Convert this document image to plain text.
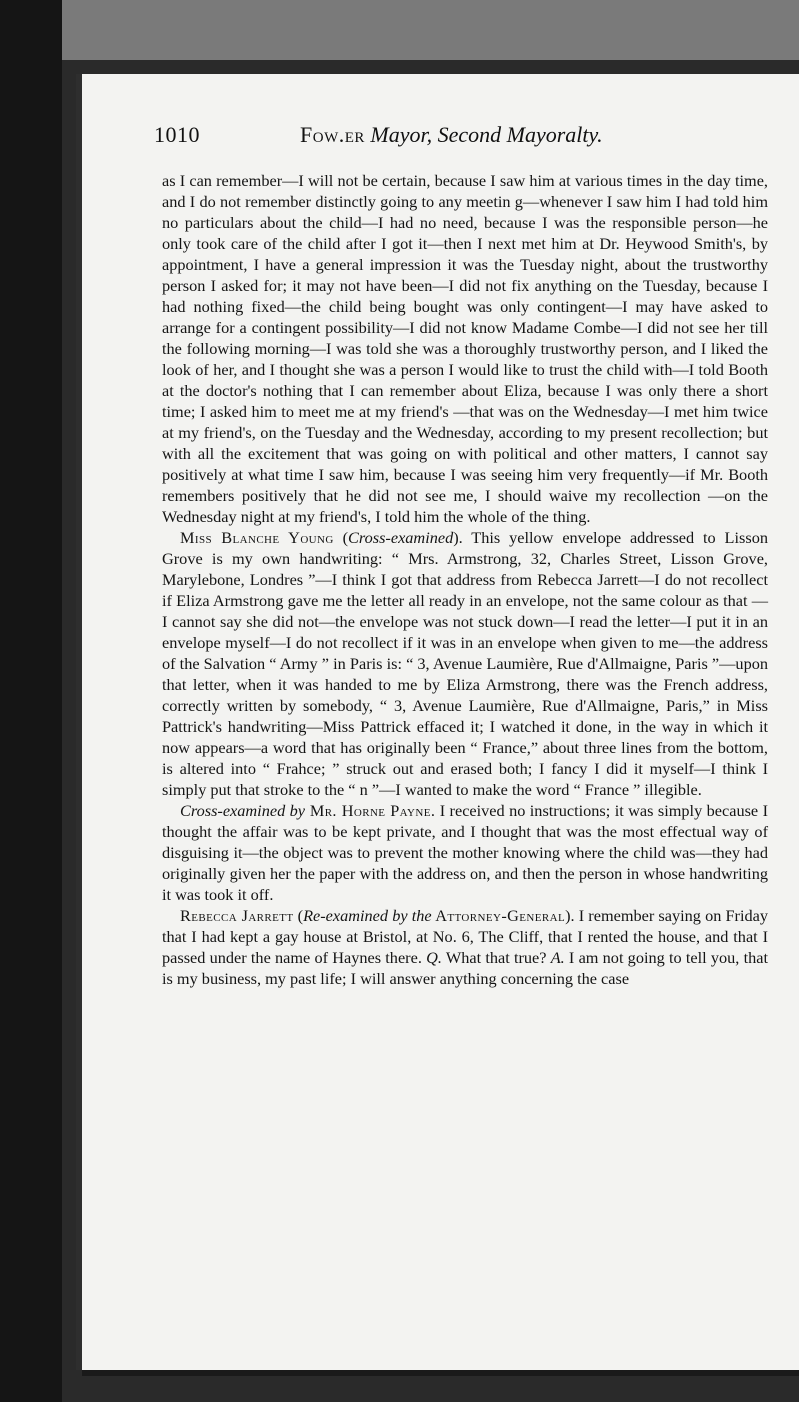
1010	Fow.er Mayor, Second Mayoralty.

as I can remember—I will not be certain, because I saw him at various times in the day time, and I do not remember distinctly going to any meetin g—whenever I saw him I had told him no particulars about the child—I had no need, because I was the responsible person—he only took care of the child after I got it—then I next met him at Dr. Heywood Smith's, by appointment, I have a general impression it was the Tuesday night, about the trustworthy person I asked for; it may not have been—I did not fix anything on the Tuesday, because I had nothing fixed—the child being bought was only contingent—I may have asked to arrange for a contingent possibility—I did not know Madame Combe—I did not see her till the following morning—I was told she was a thoroughly trustworthy person, and I liked the look of her, and I thought she was a person I would like to trust the child with—I told Booth at the doctor's nothing that I can remember about Eliza, because I was only there a short time; I asked him to meet me at my friend's —that was on the Wednesday—I met him twice at my friend's, on the Tuesday and the Wednesday, according to my present recollection; but with all the excitement that was going on with political and other matters, I cannot say positively at what time I saw him, because I was seeing him very frequently—if Mr. Booth remembers positively that he did not see me, I should waive my recollection —on the Wednesday night at my friend's, I told him the whole of the thing.

Miss Blanche Young (Cross-examined). This yellow envelope addressed to Lisson Grove is my own handwriting: “ Mrs. Armstrong, 32, Charles Street, Lisson Grove, Marylebone, Londres ”—I think I got that address from Rebecca Jarrett—I do not recollect if Eliza Armstrong gave me the letter all ready in an envelope, not the same colour as that —I cannot say she did not—the envelope was not stuck down—I read the letter—I put it in an envelope myself—I do not recollect if it was in an envelope when given to me—the address of the Salvation “ Army ” in Paris is: “ 3, Avenue Laumière, Rue d'Allmaigne, Paris ”—upon that letter, when it was handed to me by Eliza Armstrong, there was the French address, correctly written by somebody, “ 3, Avenue Laumière, Rue d'Allmaigne, Paris,” in Miss Pattrick's handwriting—Miss Pattrick effaced it; I watched it done, in the way in which it now appears—a word that has originally been “ France,” about three lines from the bottom, is altered into “ Frahce; ” struck out and erased both; I fancy I did it myself—I think I simply put that stroke to the “ n ”—I wanted to make the word “ France ” illegible.

Cross-examined by Mr. Horne Payne. I received no instructions; it was simply because I thought the affair was to be kept private, and I thought that was the most effectual way of disguising it—the object was to prevent the mother knowing where the child was—they had originally given her the paper with the address on, and then the person in whose handwriting it was took it off.

Rebecca Jarrett (Re-examined by the Attorney-General). I remember saying on Friday that I had kept a gay house at Bristol, at No. 6, The Cliff, that I rented the house, and that I passed under the name of Haynes there. Q. What that true? A. I am not going to tell you, that is my business, my past life; I will answer anything concerning the case
